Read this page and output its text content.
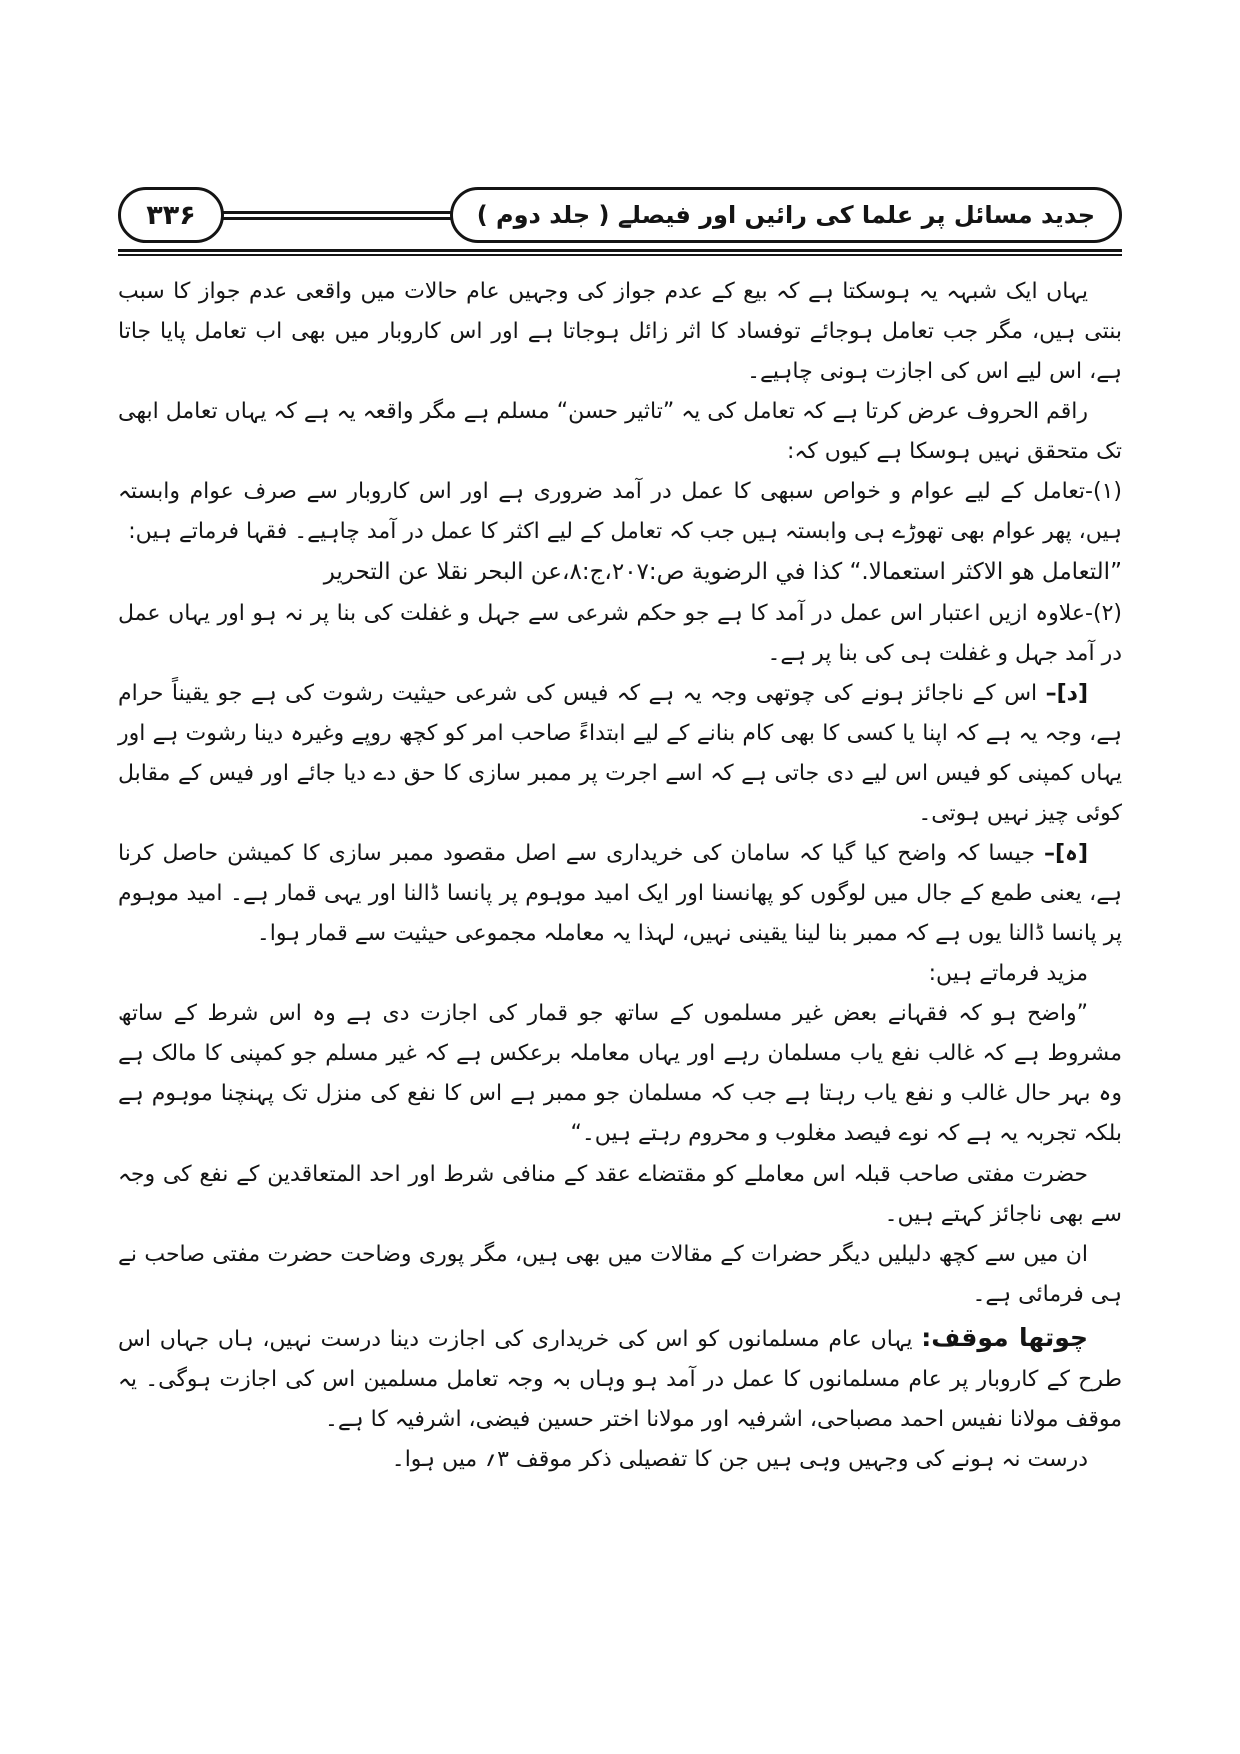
۳۳۶	جدید مسائل پر علما کی رائیں اور فیصلے ( جلد دوم )

یہاں ایک شبہہ یہ ہوسکتا ہے کہ بیع کے عدم جواز کی وجہیں عام حالات میں واقعی عدم جواز کا سبب بنتی ہیں، مگر جب تعامل ہوجائے توفساد کا اثر زائل ہوجاتا ہے اور اس کاروبار میں بھی اب تعامل پایا جاتا ہے، اس لیے اس کی اجازت ہونی چاہیے۔

راقم الحروف عرض کرتا ہے کہ تعامل کی یہ ”تاثیر حسن“ مسلم ہے مگر واقعہ یہ ہے کہ یہاں تعامل ابھی تک متحقق نہیں ہوسکا ہے کیوں کہ:

(۱)-تعامل کے لیے عوام و خواص سبھی کا عمل در آمد ضروری ہے اور اس کاروبار سے صرف عوام وابستہ ہیں، پھر عوام بھی تھوڑے ہی وابستہ ہیں جب کہ تعامل کے لیے اکثر کا عمل در آمد چاہیے۔ فقہا فرماتے ہیں:

”التعامل هو الاكثر استعمالا.“ كذا في الرضوية ص:۲۰۷،ج:۸،عن البحر نقلا عن التحرير

(۲)-علاوہ ازیں اعتبار اس عمل در آمد کا ہے جو حکم شرعی سے جہل و غفلت کی بنا پر نہ ہو اور یہاں عمل در آمد جہل و غفلت ہی کی بنا پر ہے۔

[د]– اس کے ناجائز ہونے کی چوتھی وجہ یہ ہے کہ فیس کی شرعی حیثیت رشوت کی ہے جو یقیناً حرام ہے، وجہ یہ ہے کہ اپنا یا کسی کا بھی کام بنانے کے لیے ابتداءً صاحب امر کو کچھ روپے وغیرہ دینا رشوت ہے اور یہاں کمپنی کو فیس اس لیے دی جاتی ہے کہ اسے اجرت پر ممبر سازی کا حق دے دیا جائے اور فیس کے مقابل کوئی چیز نہیں ہوتی۔

[ہ]– جیسا کہ واضح کیا گیا کہ سامان کی خریداری سے اصل مقصود ممبر سازی کا کمیشن حاصل کرنا ہے، یعنی طمع کے جال میں لوگوں کو پھانسنا اور ایک امید موہوم پر پانسا ڈالنا اور یہی قمار ہے۔ امید موہوم پر پانسا ڈالنا یوں ہے کہ ممبر بنا لینا یقینی نہیں، لہذا یہ معاملہ مجموعی حیثیت سے قمار ہوا۔

مزید فرماتے ہیں:

”واضح ہو کہ فقہانے بعض غیر مسلموں کے ساتھ جو قمار کی اجازت دی ہے وہ اس شرط کے ساتھ مشروط ہے کہ غالب نفع یاب مسلمان رہے اور یہاں معاملہ برعکس ہے کہ غیر مسلم جو کمپنی کا مالک ہے وہ بہر حال غالب و نفع یاب رہتا ہے جب کہ مسلمان جو ممبر ہے اس کا نفع کی منزل تک پہنچنا موہوم ہے بلکہ تجربہ یہ ہے کہ نوے فیصد مغلوب و محروم رہتے ہیں۔“

حضرت مفتی صاحب قبلہ اس معاملے کو مقتضاے عقد کے منافی شرط اور احد المتعاقدین کے نفع کی وجہ سے بھی ناجائز کہتے ہیں۔

ان میں سے کچھ دلیلیں دیگر حضرات کے مقالات میں بھی ہیں، مگر پوری وضاحت حضرت مفتی صاحب نے ہی فرمائی ہے۔

چوتھا موقف: یہاں عام مسلمانوں کو اس کی خریداری کی اجازت دینا درست نہیں، ہاں جہاں اس طرح کے کاروبار پر عام مسلمانوں کا عمل در آمد ہو وہاں بہ وجہ تعامل مسلمین اس کی اجازت ہوگی۔ یہ موقف مولانا نفیس احمد مصباحی، اشرفیہ اور مولانا اختر حسین فیضی، اشرفیہ کا ہے۔

درست نہ ہونے کی وجہیں وہی ہیں جن کا تفصیلی ذکر موقف ۳؍ میں ہوا۔
